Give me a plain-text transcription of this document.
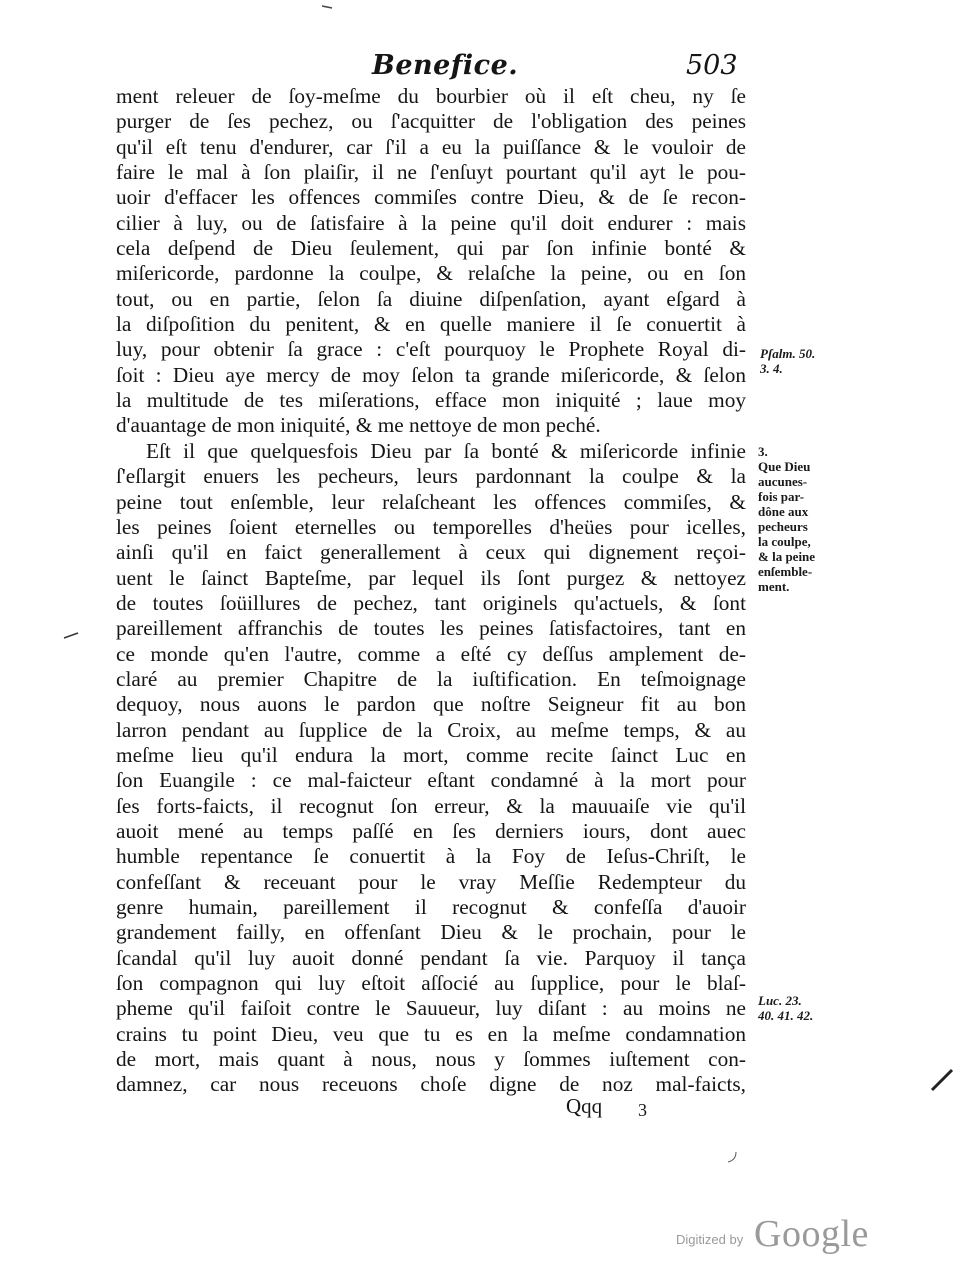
Benefice.	503
ment releuer de ſoy-meſme du bourbier où il eſt cheu, ny ſe
purger de ſes pechez, ou ſ'acquitter de l'obligation des peines
qu'il eſt tenu d'endurer, car ſ'il a eu la puiſſance & le vouloir de
faire le mal à ſon plaiſir, il ne ſ'enſuyt pourtant qu'il ayt le pou-
uoir d'effacer les offences commiſes contre Dieu, & de ſe recon-
cilier à luy, ou de ſatisfaire à la peine qu'il doit endurer : mais
cela deſpend de Dieu ſeulement, qui par ſon infinie bonté &
miſericorde, pardonne la coulpe, & relaſche la peine, ou en ſon
tout, ou en partie, ſelon ſa diuine diſpenſation, ayant eſgard à
la diſpoſition du penitent, & en quelle maniere il ſe conuertit à
luy, pour obtenir ſa grace : c'eſt pourquoy le Prophete Royal di-
ſoit : Dieu aye mercy de moy ſelon ta grande miſericorde, & ſelon
la multitude de tes miſerations, efface mon iniquité ; laue moy
d'auantage de mon iniquité, & me nettoye de mon peché.
Eſt il que quelquesfois Dieu par ſa bonté & miſericorde infinie
ſ'eſlargit enuers les pecheurs, leurs pardonnant la coulpe & la
peine tout enſemble, leur relaſcheant les offences commiſes, &
les peines ſoient eternelles ou temporelles d'heües pour icelles,
ainſi qu'il en faict generallement à ceux qui dignement reçoi-
uent le ſainct Bapteſme, par lequel ils ſont purgez & nettoyez
de toutes ſoüillures de pechez, tant originels qu'actuels, & ſont
pareillement affranchis de toutes les peines ſatisfactoires, tant en
ce monde qu'en l'autre, comme a eſté cy deſſus amplement de-
claré au premier Chapitre de la iuſtification. En teſmoignage
dequoy, nous auons le pardon que noſtre Seigneur fit au bon
larron pendant au ſupplice de la Croix, au meſme temps, & au
meſme lieu qu'il endura la mort, comme recite ſainct Luc en
ſon Euangile : ce mal-faicteur eſtant condamné à la mort pour
ſes forts-faicts, il recognut ſon erreur, & la mauuaiſe vie qu'il
auoit mené au temps paſſé en ſes derniers iours, dont auec
humble repentance ſe conuertit à la Foy de Ieſus-Chriſt, le
confeſſant & receuant pour le vray Meſſie Redempteur du
genre humain, pareillement il recognut & confeſſa d'auoir
grandement failly, en offenſant Dieu & le prochain, pour le
ſcandal qu'il luy auoit donné pendant ſa vie. Parquoy il tança
ſon compagnon qui luy eſtoit aſſocié au ſupplice, pour le blaſ-
pheme qu'il faiſoit contre le Sauueur, luy diſant : au moins ne
crains tu point Dieu, veu que tu es en la meſme condamnation
de mort, mais quant à nous, nous y ſommes iuſtement con-
damnez, car nous receuons choſe digne de noz mal-faicts,
Pſalm. 50.
3. 4.
3.
Que Dieu
aucunes-
fois par-
dône aux
pecheurs
la coulpe,
& la peine
enſemble-
ment.
Luc. 23.
40. 41. 42.
Qqq 3
Digitized by Google
